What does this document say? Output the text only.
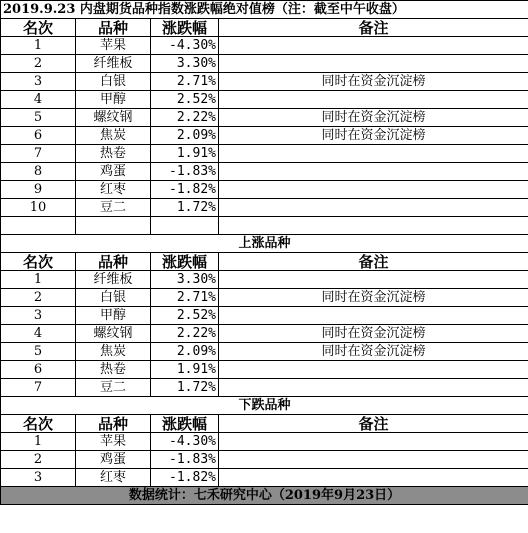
2019.9.23 内盘期货品种指数涨跌幅绝对值榜（注：截至中午收盘）			
名次	品种	涨跌幅	备注
1	苹果	-4.30%	
2	纤维板	3.30%	
3	白银	2.71%	同时在资金沉淀榜
4	甲醇	2.52%	
5	螺纹钢	2.22%	同时在资金沉淀榜
6	焦炭	2.09%	同时在资金沉淀榜
7	热卷	1.91%	
8	鸡蛋	-1.83%	
9	红枣	-1.82%	
10	豆二	1.72%	

上涨品种			
名次	品种	涨跌幅	备注
1	纤维板	3.30%	
2	白银	2.71%	同时在资金沉淀榜
3	甲醇	2.52%	
4	螺纹钢	2.22%	同时在资金沉淀榜
5	焦炭	2.09%	同时在资金沉淀榜
6	热卷	1.91%	
7	豆二	1.72%	
下跌品种			
名次	品种	涨跌幅	备注
1	苹果	-4.30%	
2	鸡蛋	-1.83%	
3	红枣	-1.82%	
数据统计：七禾研究中心（2019年9月23日）			
